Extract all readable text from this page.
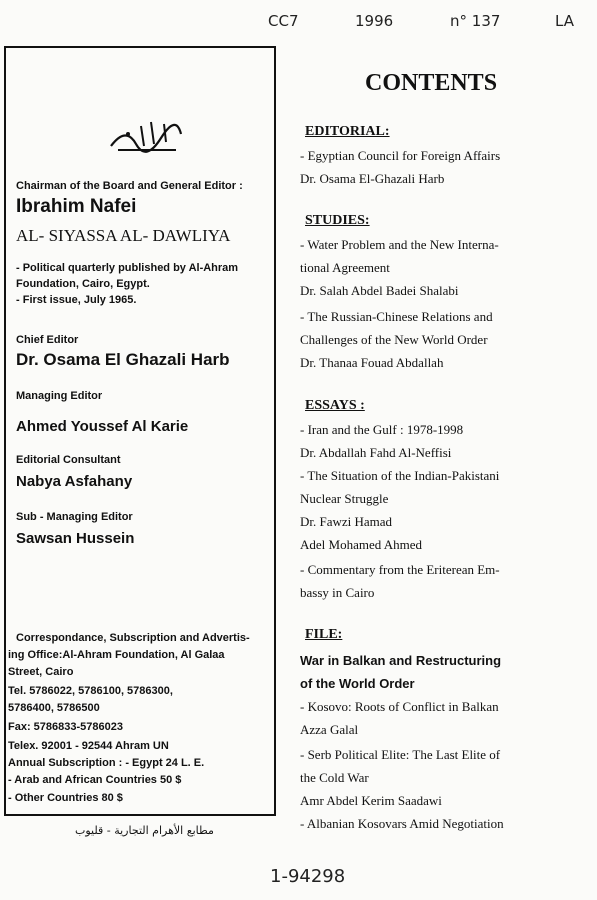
CC7	1996	n° 137	LA
1-94298
Chairman of the Board and General Editor :
Ibrahim Nafei
AL- SIYASSA AL- DAWLIYA
- Political quarterly published by Al-Ahram
Foundation, Cairo, Egypt.
- First issue, July 1965.
Chief Editor
Dr. Osama El Ghazali Harb
Managing Editor
Ahmed Youssef Al Karie
Editorial Consultant
Nabya Asfahany
Sub - Managing Editor
Sawsan Hussein
Correspondance, Subscription and Advertis-
ing Office:Al-Ahram Foundation, Al Galaa
Street, Cairo
Tel. 5786022, 5786100, 5786300,
5786400, 5786500
Fax: 5786833-5786023
Telex. 92001 - 92544 Ahram UN
Annual Subscription : - Egypt 24 L. E.
- Arab and African Countries 50 $
- Other Countries 80 $
مطابع الأهرام التجارية - قليوب
CONTENTS
EDITORIAL:
- Egyptian Council for Foreign Affairs
Dr. Osama El-Ghazali Harb
STUDIES:
- Water Problem and the New Interna-
tional Agreement
Dr. Salah Abdel Badei Shalabi
- The Russian-Chinese Relations and
Challenges of the New World Order
Dr. Thanaa Fouad Abdallah
ESSAYS :
- Iran and the Gulf : 1978-1998
Dr. Abdallah Fahd Al-Neffisi
- The Situation of the Indian-Pakistani
Nuclear Struggle
Dr. Fawzi Hamad
Adel Mohamed Ahmed
- Commentary from the Eriterean Em-
bassy in Cairo
FILE:
War in Balkan and Restructuring
of the World Order
- Kosovo: Roots of Conflict in Balkan
Azza Galal
- Serb Political Elite: The Last Elite of
the Cold War
Amr Abdel Kerim Saadawi
- Albanian Kosovars Amid Negotiation
